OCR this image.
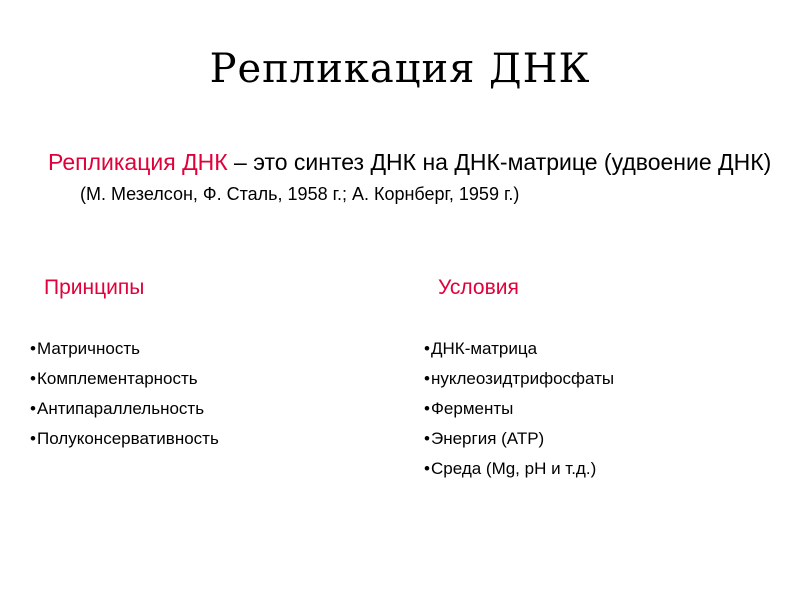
Репликация ДНК

Репликация ДНК – это синтез ДНК на ДНК-матрице (удвоение ДНК) (М. Мезелсон, Ф. Сталь, 1958 г.; А. Корнберг, 1959 г.)

Принципы	Условия
•Матричность
•Комплементарность
•Антипараллельность
•Полуконсервативность
•ДНК-матрица
•нуклеозидтрифосфаты
•Ферменты
•Энергия (АТР)
•Среда (Mg, pH и т.д.)
